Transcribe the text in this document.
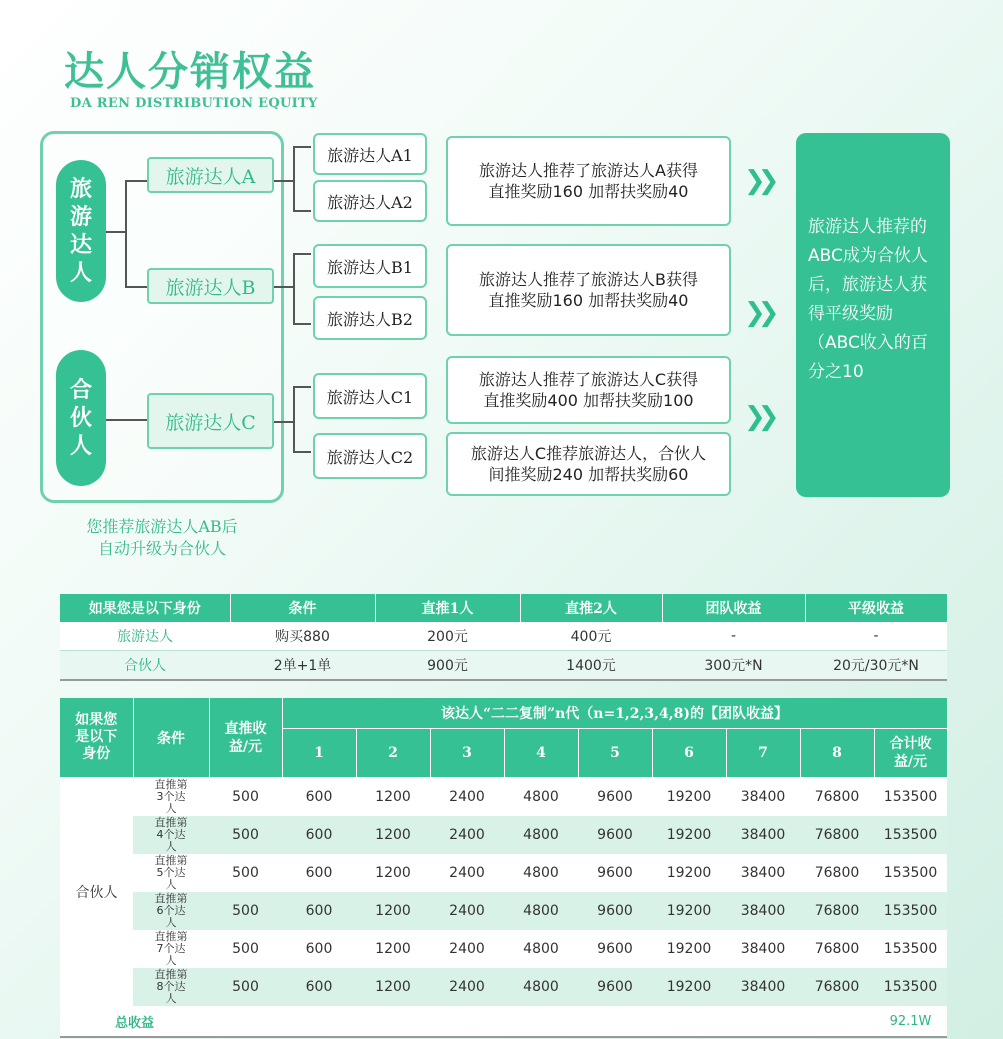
达人分销权益
DA REN DISTRIBUTION EQUITY
旅
游
达
人
合
伙
人
旅游达人A
旅游达人B
旅游达人C
旅游达人A1
旅游达人A2
旅游达人B1
旅游达人B2
旅游达人C1
旅游达人C2
旅游达人推荐了旅游达人A获得
直推奖励160 加帮扶奖励40
旅游达人推荐了旅游达人B获得
直推奖励160 加帮扶奖励40
旅游达人推荐了旅游达人C获得
直推奖励400 加帮扶奖励100
旅游达人C推荐旅游达人，合伙人
间推奖励240 加帮扶奖励60
❯❯
❯❯
❯❯
旅游达人推荐的
ABC成为合伙人
后，旅游达人获
得平级奖励
（ABC收入的百
分之10
您推荐旅游达人AB后
自动升级为合伙人
如果您是以下身份	条件	直推1人	直推2人	团队收益	平级收益
旅游达人	购买880	200元	400元	-	-
合伙人	2单+1单	900元	1400元	300元*N	20元/30元*N
如果您是以下身份	条件	直推收益/元	该达人“二二复制”n代（n=1,2,3,4,8)的【团队收益】								
			1	2	3	4	5	6	7	8	合计收益/元

合伙人	直推第3个达人	500	600	1200	2400	4800	9600	19200	38400	76800	153500

	直推第4个达人	500	600	1200	2400	4800	9600	19200	38400	76800	153500

	直推第5个达人	500	600	1200	2400	4800	9600	19200	38400	76800	153500

	直推第6个达人	500	600	1200	2400	4800	9600	19200	38400	76800	153500

	直推第7个达人	500	600	1200	2400	4800	9600	19200	38400	76800	153500

	直推第8个达人	500	600	1200	2400	4800	9600	19200	38400	76800	153500
总收益											92.1W
